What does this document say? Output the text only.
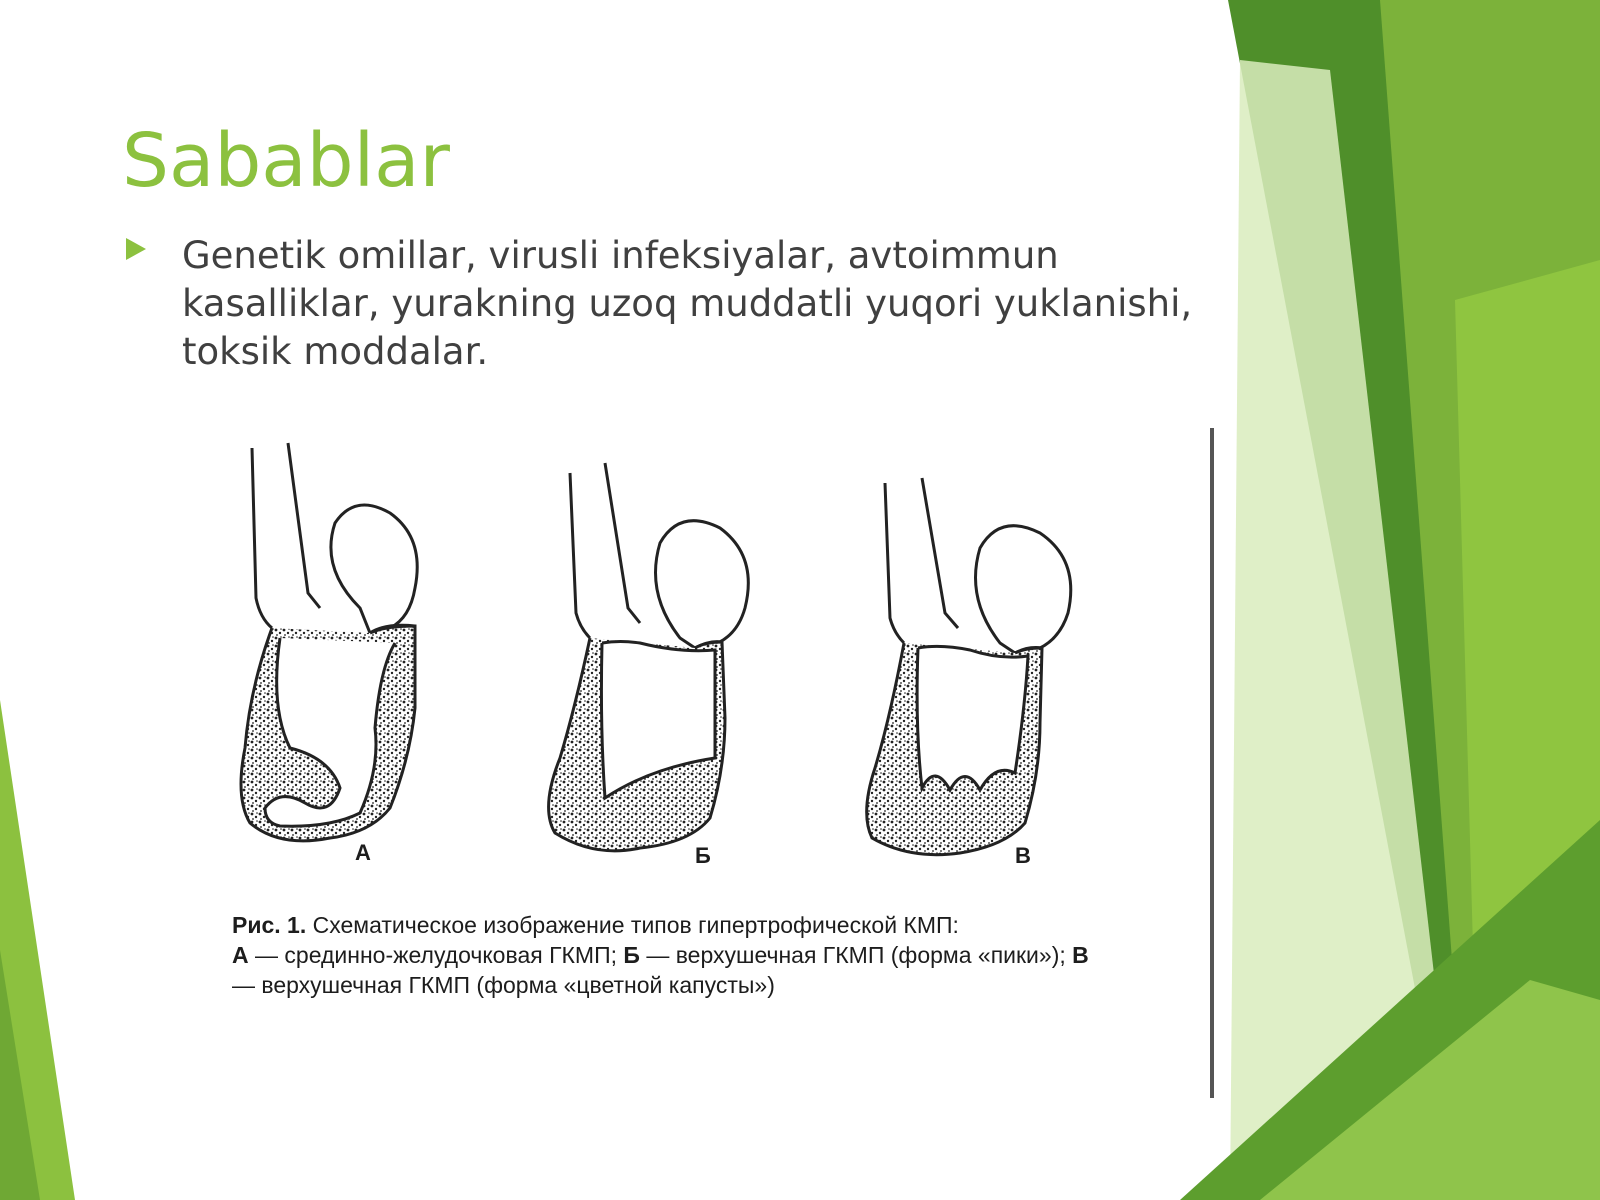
Sabablar

Genetik omillar, virusli infeksiyalar, avtoimmun kasalliklar, yurakning uzoq muddatli yuqori yuklanishi, toksik moddalar.

А	Б	В
Рис. 1. Схематическое изображение типов гипертрофической КМП:
А — срединно-желудочковая ГКМП; Б — верхушечная ГКМП (форма «пики»); В — верхушечная ГКМП (форма «цветной капусты»)
